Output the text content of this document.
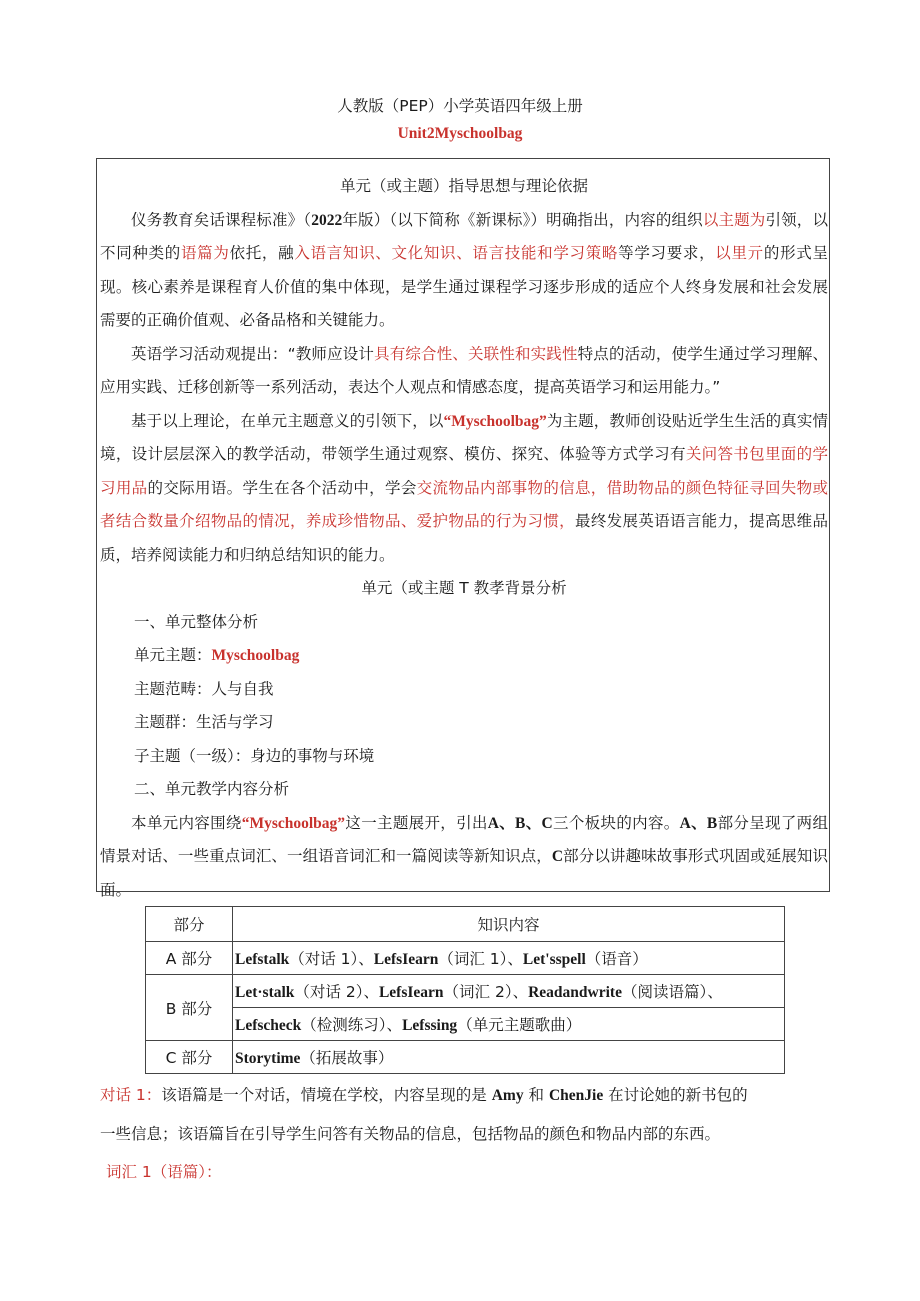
人教版（PEP）小学英语四年级上册
Unit2Myschoolbag

单元（或主题）指导思想与理论依据

仪务教育矣话课程标准》（2022年版）（以下简称《新课标》）明确指出，内容的组织以主题为引领，以不同种类的语篇为依托，融入语言知识、文化知识、语言技能和学习策略等学习要求，以里亓的形式呈现。核心素养是课程育人价值的集中体现，是学生通过课程学习逐步形成的适应个人终身发展和社会发展需要的正确价值观、必备品格和关键能力。

英语学习活动观提出：“教师应设计具有综合性、关联性和实践性特点的活动，使学生通过学习理解、应用实践、迁移创新等一系列活动，表达个人观点和情感态度，提高英语学习和运用能力。”

基于以上理论，在单元主题意义的引领下，以“Myschoolbag”为主题，教师创设贴近学生生活的真实情境，设计层层深入的教学活动，带领学生通过观察、模仿、探究、体验等方式学习有关问答书包里面的学习用品的交际用语。学生在各个活动中，学会交流物品内部事物的信息，借助物品的颜色特征寻回失物或者结合数量介绍物品的情况，养成珍惜物品、爱护物品的行为习惯，最终发展英语语言能力，提高思维品质，培养阅读能力和归纳总结知识的能力。

单元（或主题 T 教孝背景分析

一、单元整体分析

单元主题：Myschoolbag

主题范畴：人与自我

主题群：生活与学习

子主题（一级）：身边的事物与环境

二、单元教学内容分析

本单元内容围绕“Myschoolbag”这一主题展开，引出A、B、C三个板块的内容。A、B部分呈现了两组情景对话、一些重点词汇、一组语音词汇和一篇阅读等新知识点，C部分以讲趣味故事形式巩固或延展知识面。

部分	知识内容
A 部分	Lefstalk（对话 1）、LefsIearn（词汇 1）、Let'sspell（语音）
B 部分	Let·stalk（对话 2）、LefsIearn（词汇 2）、Readandwrite（阅读语篇）、
	Lefscheck（检测练习）、Lefssing（单元主题歌曲）
C 部分	Storytime（拓展故事）

对话 1：该语篇是一个对话，情境在学校，内容呈现的是 Amy 和 ChenJie 在讨论她的新书包的

一些信息；该语篇旨在引导学生问答有关物品的信息，包括物品的颜色和物品内部的东西。

词汇 1（语篇）：
